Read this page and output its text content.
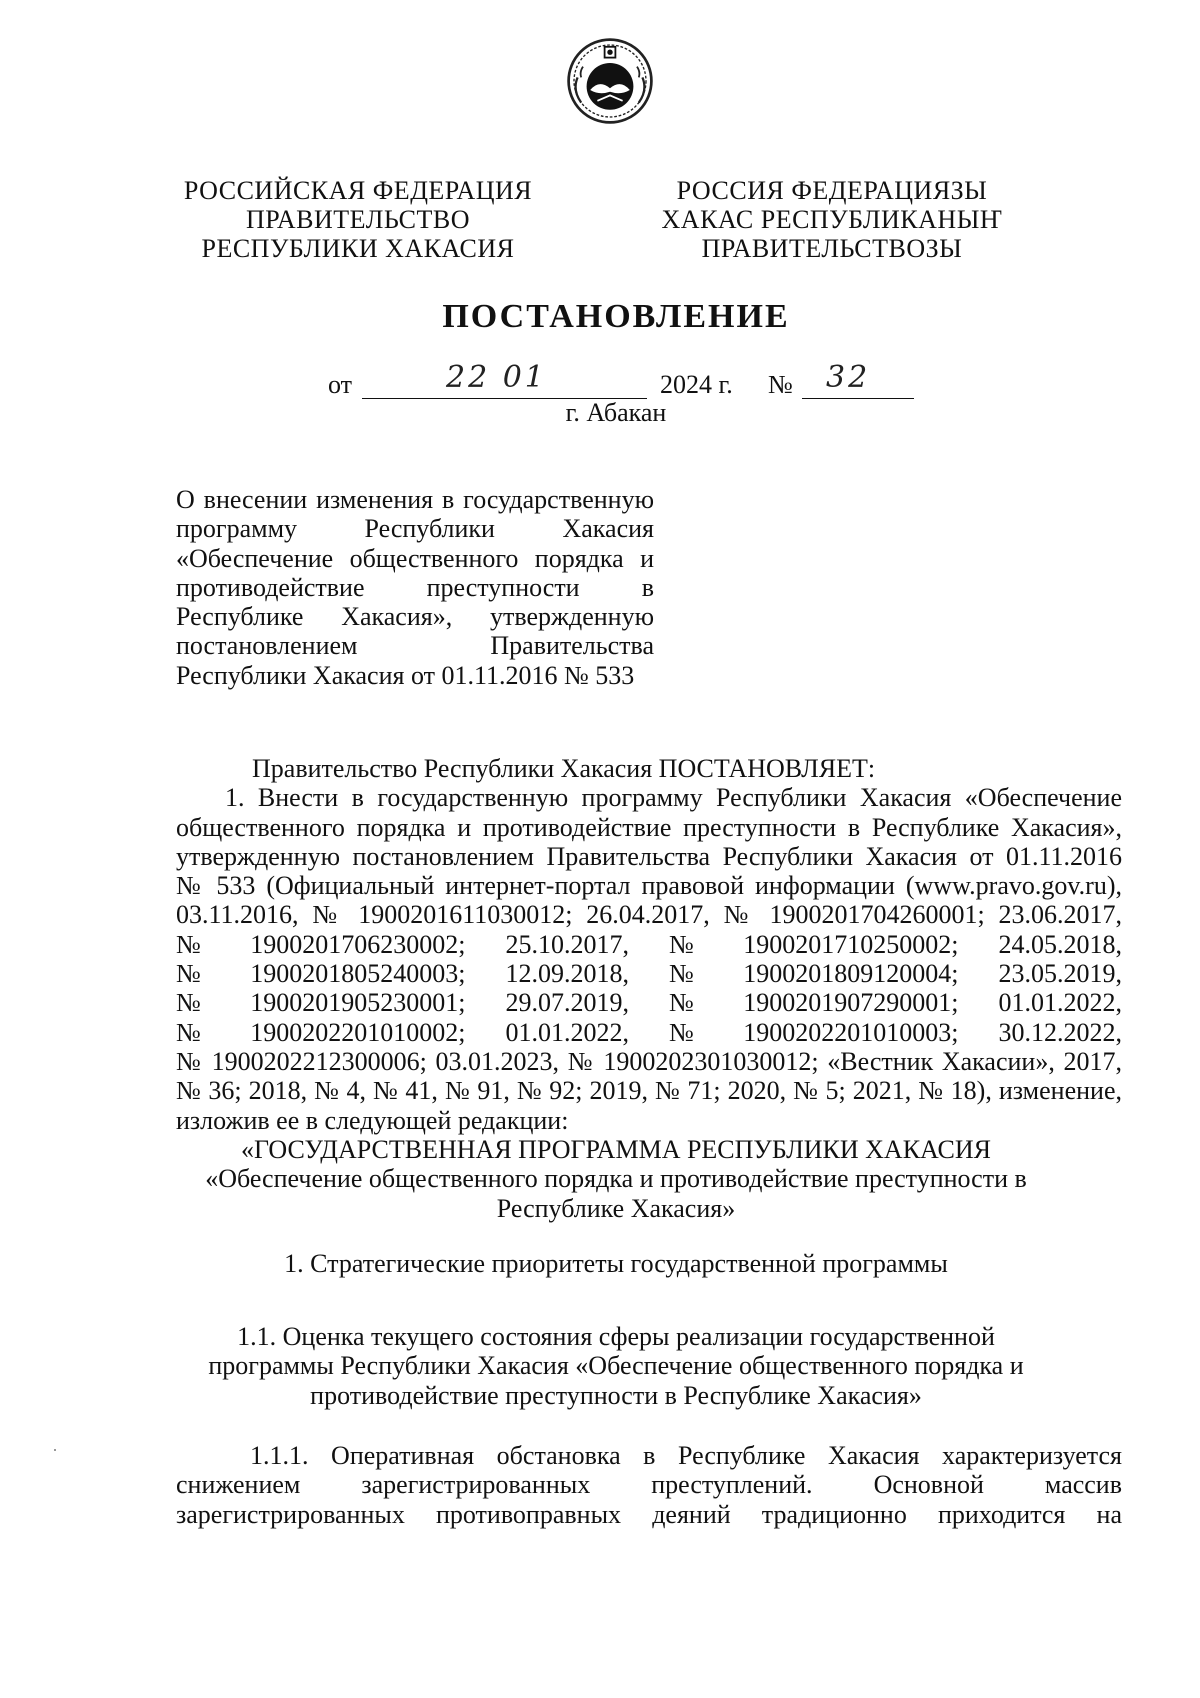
РОССИЙСКАЯ ФЕДЕРАЦИЯ
ПРАВИТЕЛЬСТВО
РЕСПУБЛИКИ ХАКАСИЯ
РОССИЯ ФЕДЕРАЦИЯЗЫ
ХАКАС РЕСПУБЛИКАНЫҤ
ПРАВИТЕЛЬСТВОЗЫ
ПОСТАНОВЛЕНИЕ
от	22 01	2024 г. № 32
г. Абакан
О внесении изменения в государственную
программу Республики Хакасия
«Обеспечение общественного порядка и
противодействие преступности в
Республике Хакасия», утвержденную
постановлением Правительства
Республики Хакасия от 01.11.2016 № 533
Правительство Республики Хакасия ПОСТАНОВЛЯЕТ:
1. Внести в государственную программу Республики Хакасия «Обеспечение
общественного порядка и противодействие преступности в Республике Хакасия»,
утвержденную постановлением Правительства Республики Хакасия от 01.11.2016
№ 533 (Официальный интернет-портал правовой информации (www.pravo.gov.ru),
03.11.2016, № 1900201611030012; 26.04.2017, № 1900201704260001; 23.06.2017,
№ 1900201706230002; 25.10.2017, № 1900201710250002; 24.05.2018,
№ 1900201805240003; 12.09.2018, № 1900201809120004; 23.05.2019,
№ 1900201905230001; 29.07.2019, № 1900201907290001; 01.01.2022,
№ 1900202201010002; 01.01.2022, № 1900202201010003; 30.12.2022,
№ 1900202212300006; 03.01.2023, № 1900202301030012; «Вестник Хакасии», 2017,
№ 36; 2018, № 4, № 41, № 91, № 92; 2019, № 71; 2020, № 5; 2021, № 18), изменение,
изложив ее в следующей редакции:
«ГОСУДАРСТВЕННАЯ ПРОГРАММА РЕСПУБЛИКИ ХАКАСИЯ
«Обеспечение общественного порядка и противодействие преступности в
Республике Хакасия»
1. Стратегические приоритеты государственной программы
1.1. Оценка текущего состояния сферы реализации государственной
программы Республики Хакасия «Обеспечение общественного порядка и
противодействие преступности в Республике Хакасия»
1.1.1. Оперативная обстановка в Республике Хакасия характеризуется
снижением зарегистрированных преступлений. Основной массив
зарегистрированных противоправных деяний традиционно приходится на
